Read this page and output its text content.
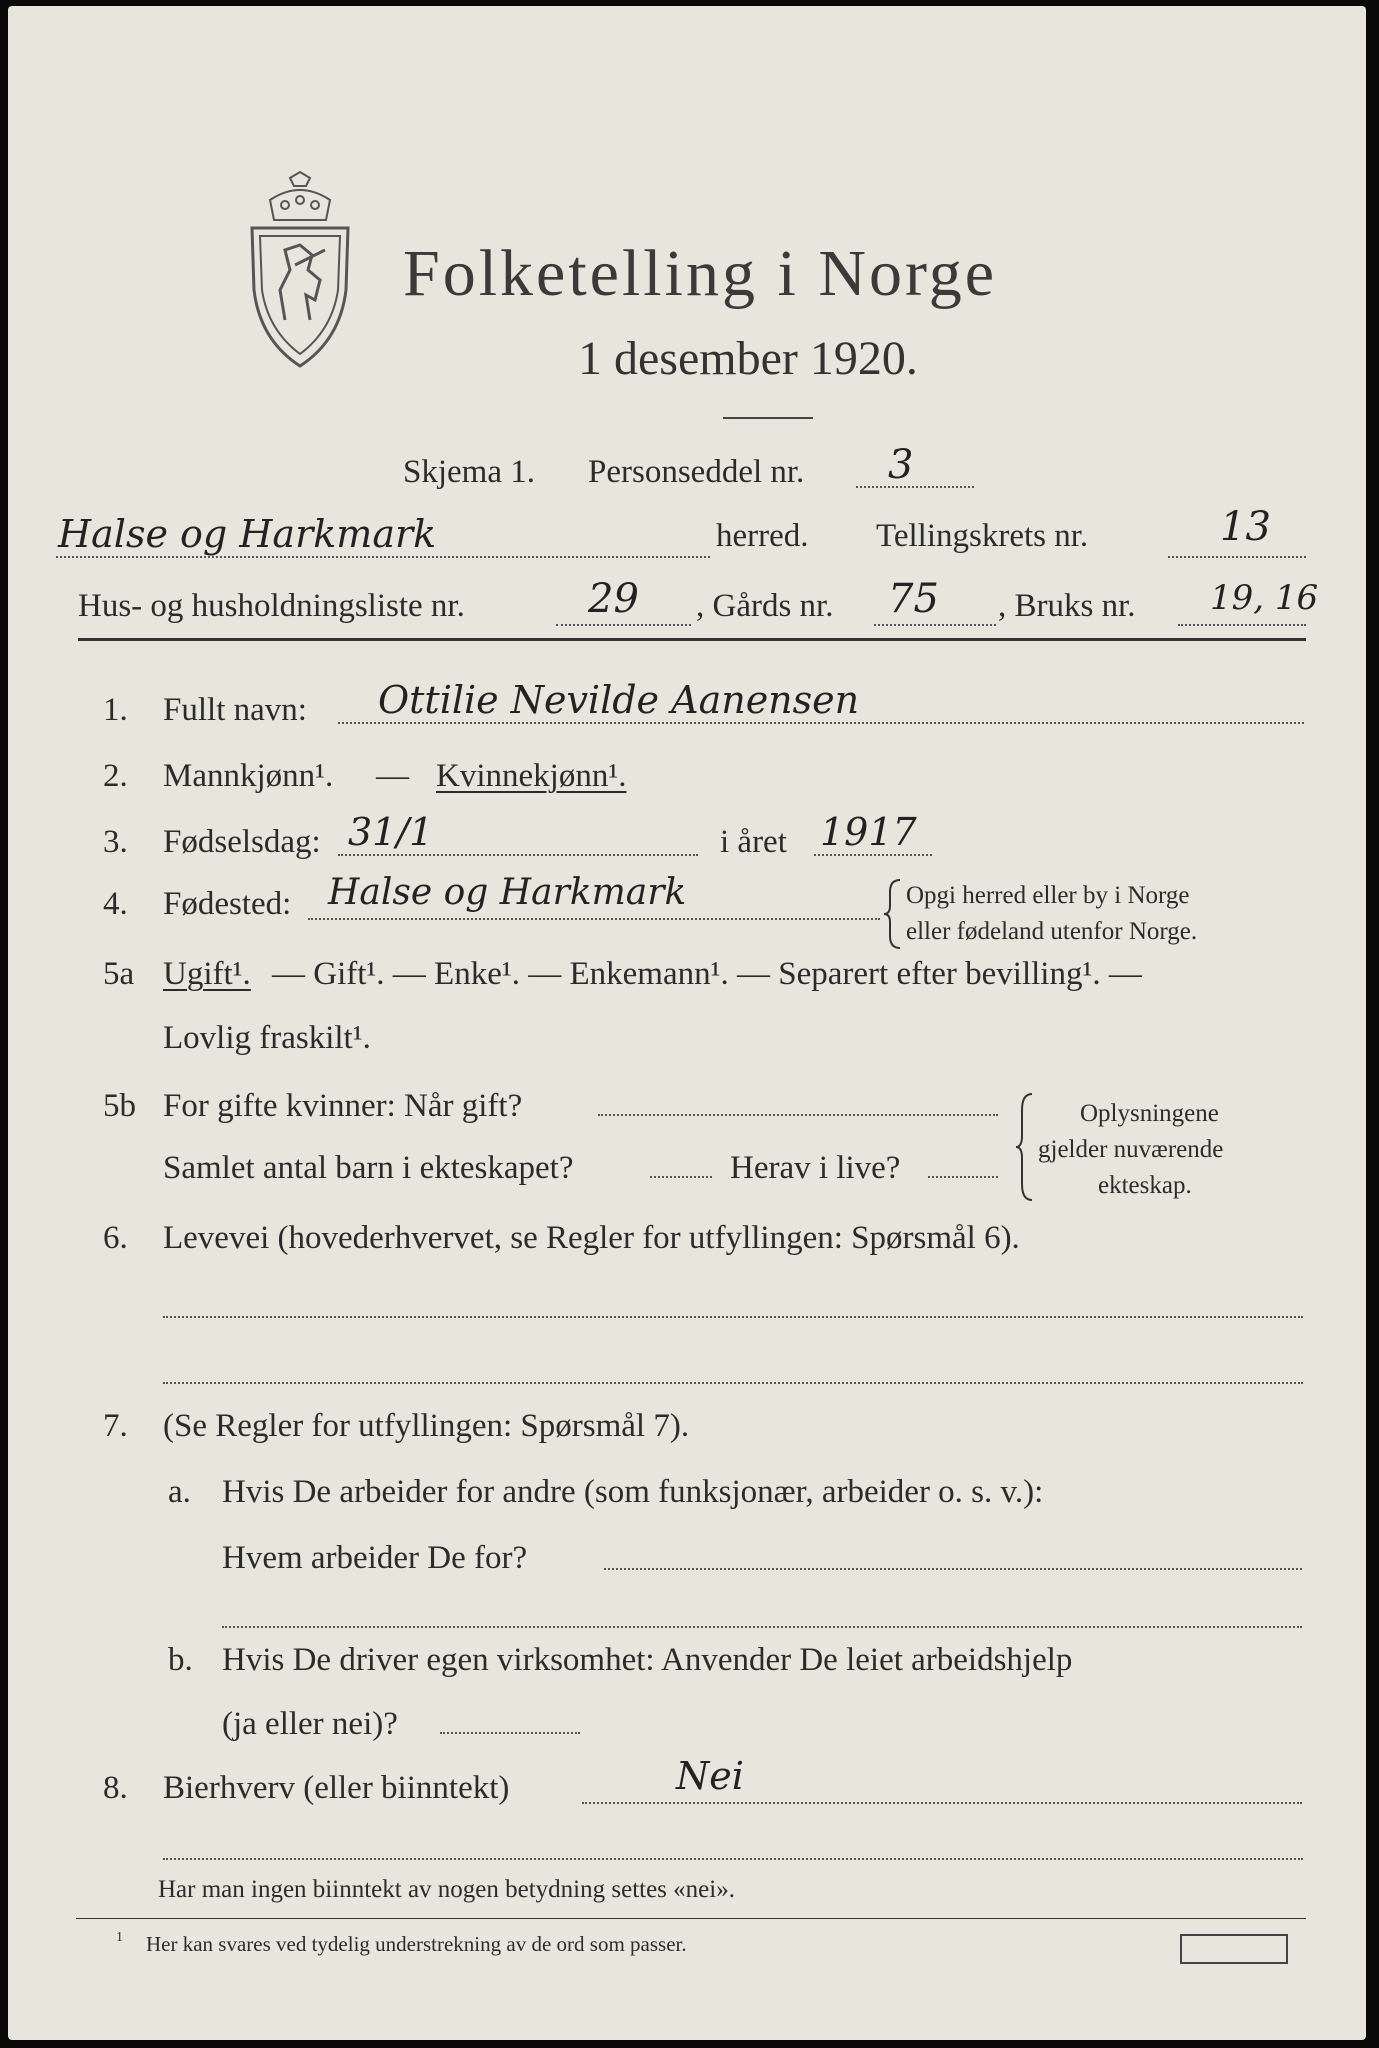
Folketelling i Norge
1 desember 1920.
Skjema 1. Personseddel nr. 3
Halse og Harkmark	herred. Tellingskrets nr.	13
Hus- og husholdningsliste nr.	29 , Gårds nr. 75 , Bruks nr. 19, 16
1. Fullt navn: Ottilie Nevilde Aanensen
2. Mannkjønn¹. — Kvinnekjønn¹.
3. Fødselsdag: 31/1	i året 1917
4. Fødested: Halse og Harkmark	Opgi herred eller by i Norge
eller fødeland utenfor Norge.
5a Ugift¹. — Gift¹. — Enke¹. — Enkemann¹. — Separert efter bevilling¹. —
Lovlig fraskilt¹.
5b For gifte kvinner: Når gift?
Samlet antal barn i ekteskapet?	Herav i live?
Oplysningene
gjelder nuværende
ekteskap.
6. Levevei (hovederhvervet, se Regler for utfyllingen: Spørsmål 6).
7. (Se Regler for utfyllingen: Spørsmål 7).
a. Hvis De arbeider for andre (som funksjonær, arbeider o. s. v.):
Hvem arbeider De for?
b. Hvis De driver egen virksomhet: Anvender De leiet arbeidshjelp
(ja eller nei)?
8. Bierhverv (eller biinntekt)	Nei
Har man ingen biinntekt av nogen betydning settes «nei».
1 Her kan svares ved tydelig understrekning av de ord som passer.
